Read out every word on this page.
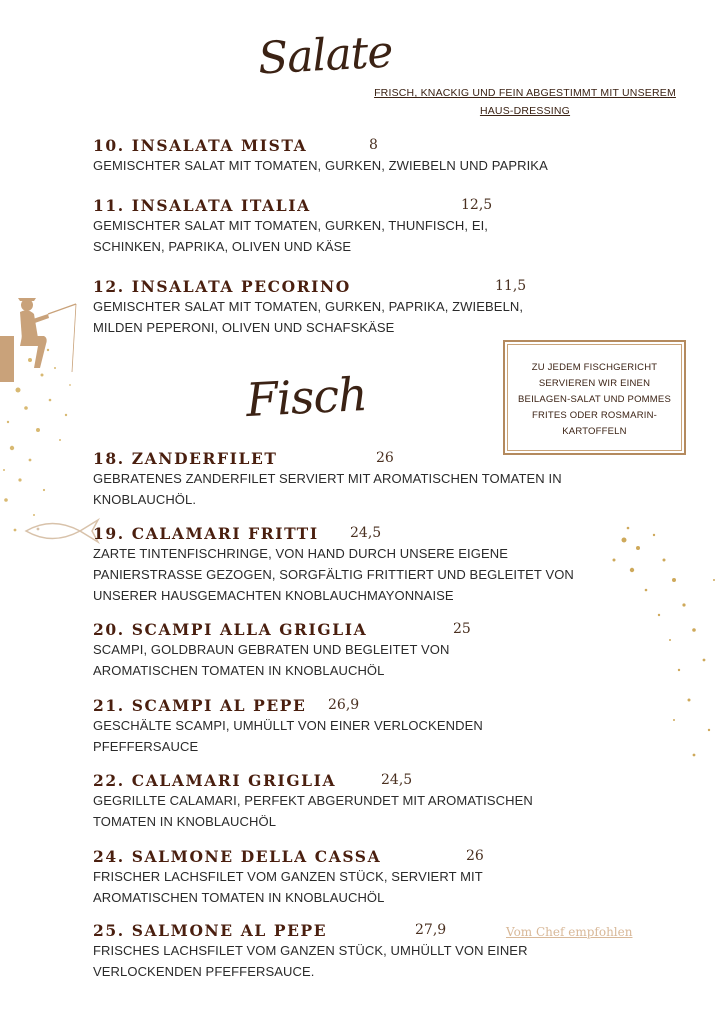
Salate
FRISCH, KNACKIG UND FEIN ABGESTIMMT MIT UNSEREM
HAUS-DRESSING
10. INSALATA MISTA	8
GEMISCHTER SALAT MIT TOMATEN, GURKEN, ZWIEBELN UND PAPRIKA
11. INSALATA ITALIA	12,5
GEMISCHTER SALAT MIT TOMATEN, GURKEN, THUNFISCH, EI, SCHINKEN, PAPRIKA, OLIVEN UND KÄSE
12. INSALATA PECORINO	11,5
GEMISCHTER SALAT MIT TOMATEN, GURKEN, PAPRIKA, ZWIEBELN, MILDEN PEPERONI, OLIVEN UND SCHAFSKÄSE
Fisch	ZU JEDEM FISCHGERICHT SERVIEREN WIR EINEN BEILAGEN-SALAT UND POMMES FRITES ODER ROSMARIN-KARTOFFELN
18. ZANDERFILET	26
GEBRATENES ZANDERFILET SERVIERT MIT AROMATISCHEN TOMATEN IN KNOBLAUCHÖL.
19. CALAMARI FRITTI 24,5
ZARTE TINTENFISCHRINGE, VON HAND DURCH UNSERE EIGENE PANIERSTRASSE GEZOGEN, SORGFÄLTIG FRITTIERT UND BEGLEITET VON UNSERER HAUSGEMACHTEN KNOBLAUCHMAYONNAISE
20. SCAMPI ALLA GRIGLIA	25
SCAMPI, GOLDBRAUN GEBRATEN UND BEGLEITET VON AROMATISCHEN TOMATEN IN KNOBLAUCHÖL
21. SCAMPI AL PEPE 26,9
GESCHÄLTE SCAMPI, UMHÜLLT VON EINER VERLOCKENDEN PFEFFERSAUCE
22. CALAMARI GRIGLIA	24,5
GEGRILLTE CALAMARI, PERFEKT ABGERUNDET MIT AROMATISCHEN TOMATEN IN KNOBLAUCHÖL
24. SALMONE DELLA CASSA	26
FRISCHER LACHSFILET VOM GANZEN STÜCK, SERVIERT MIT AROMATISCHEN TOMATEN IN KNOBLAUCHÖL
25. SALMONE AL PEPE	27,9
FRISCHES LACHSFILET VOM GANZEN STÜCK, UMHÜLLT VON EINER VERLOCKENDEN PFEFFERSAUCE.
Vom Chef empfohlen
